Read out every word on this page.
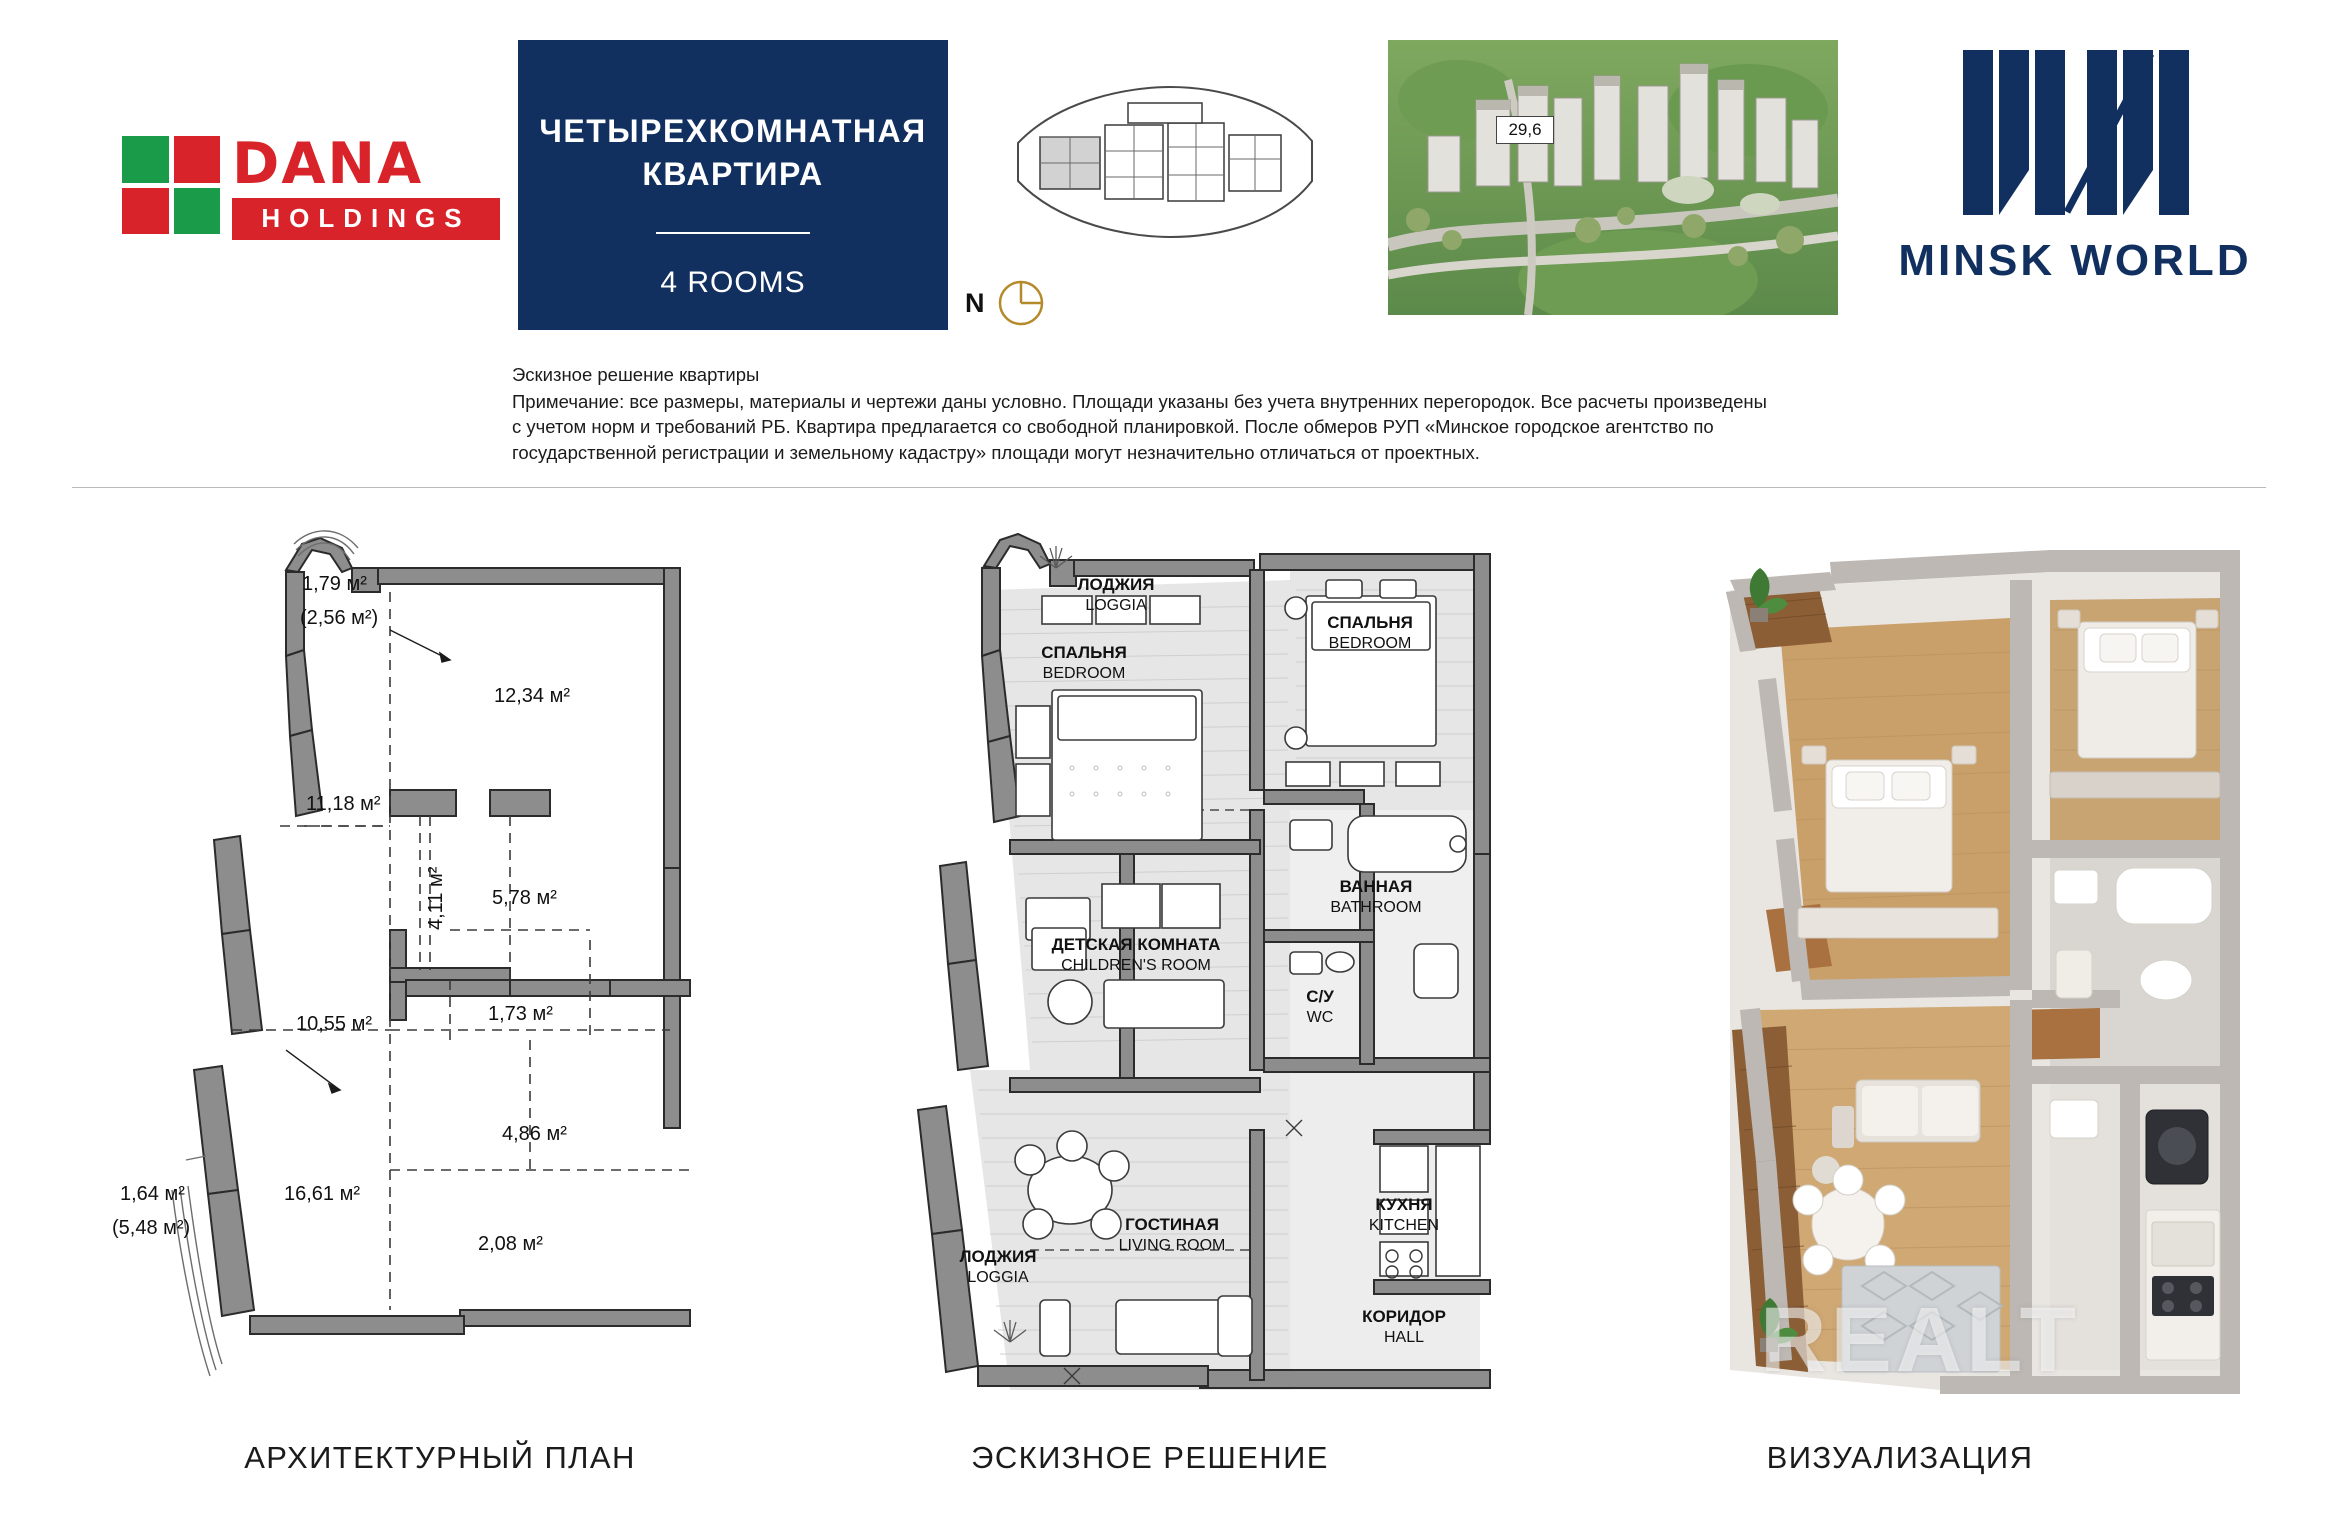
DANA
HOLDINGS
ЧЕТЫРЕХКОМНАТНАЯ КВАРТИРА
4 ROOMS
N
29,6
MINSK WORLD
Эскизное решение квартиры
Примечание: все размеры, материалы и чертежи даны условно. Площади указаны без учета внутренних перегородок. Все расчеты произведены
с учетом норм и требований РБ. Квартира предлагается со свободной планировкой. После обмеров РУП «Минское городское агентство по
государственной регистрации и земельному кадастру» площади могут незначительно отличаться от проектных.
1,79 м²
(2,56 м²)
12,34 м²
11,18 м²
5,78 м²
10,55 м²	1,73 м²
4,86 м²
16,61 м²
2,08 м²
1,64 м²
(5,48 м²)
4,11 м²
АРХИТЕКТУРНЫЙ ПЛАН
ЛОДЖИЯ
LOGGIA
СПАЛЬНЯ
BEDROOM
СПАЛЬНЯ
BEDROOM
ВАННАЯ
BATHROOM
С/У
WC
ДЕТСКАЯ КОМНАТА
CHILDREN'S ROOM
КУХНЯ
KITCHEN
ГОСТИНАЯ
LIVING ROOM
КОРИДОР
HALL
ЛОДЖИЯ
LOGGIA
ЭСКИЗНОЕ РЕШЕНИЕ	ВИЗУАЛИЗАЦИЯ
REALT
